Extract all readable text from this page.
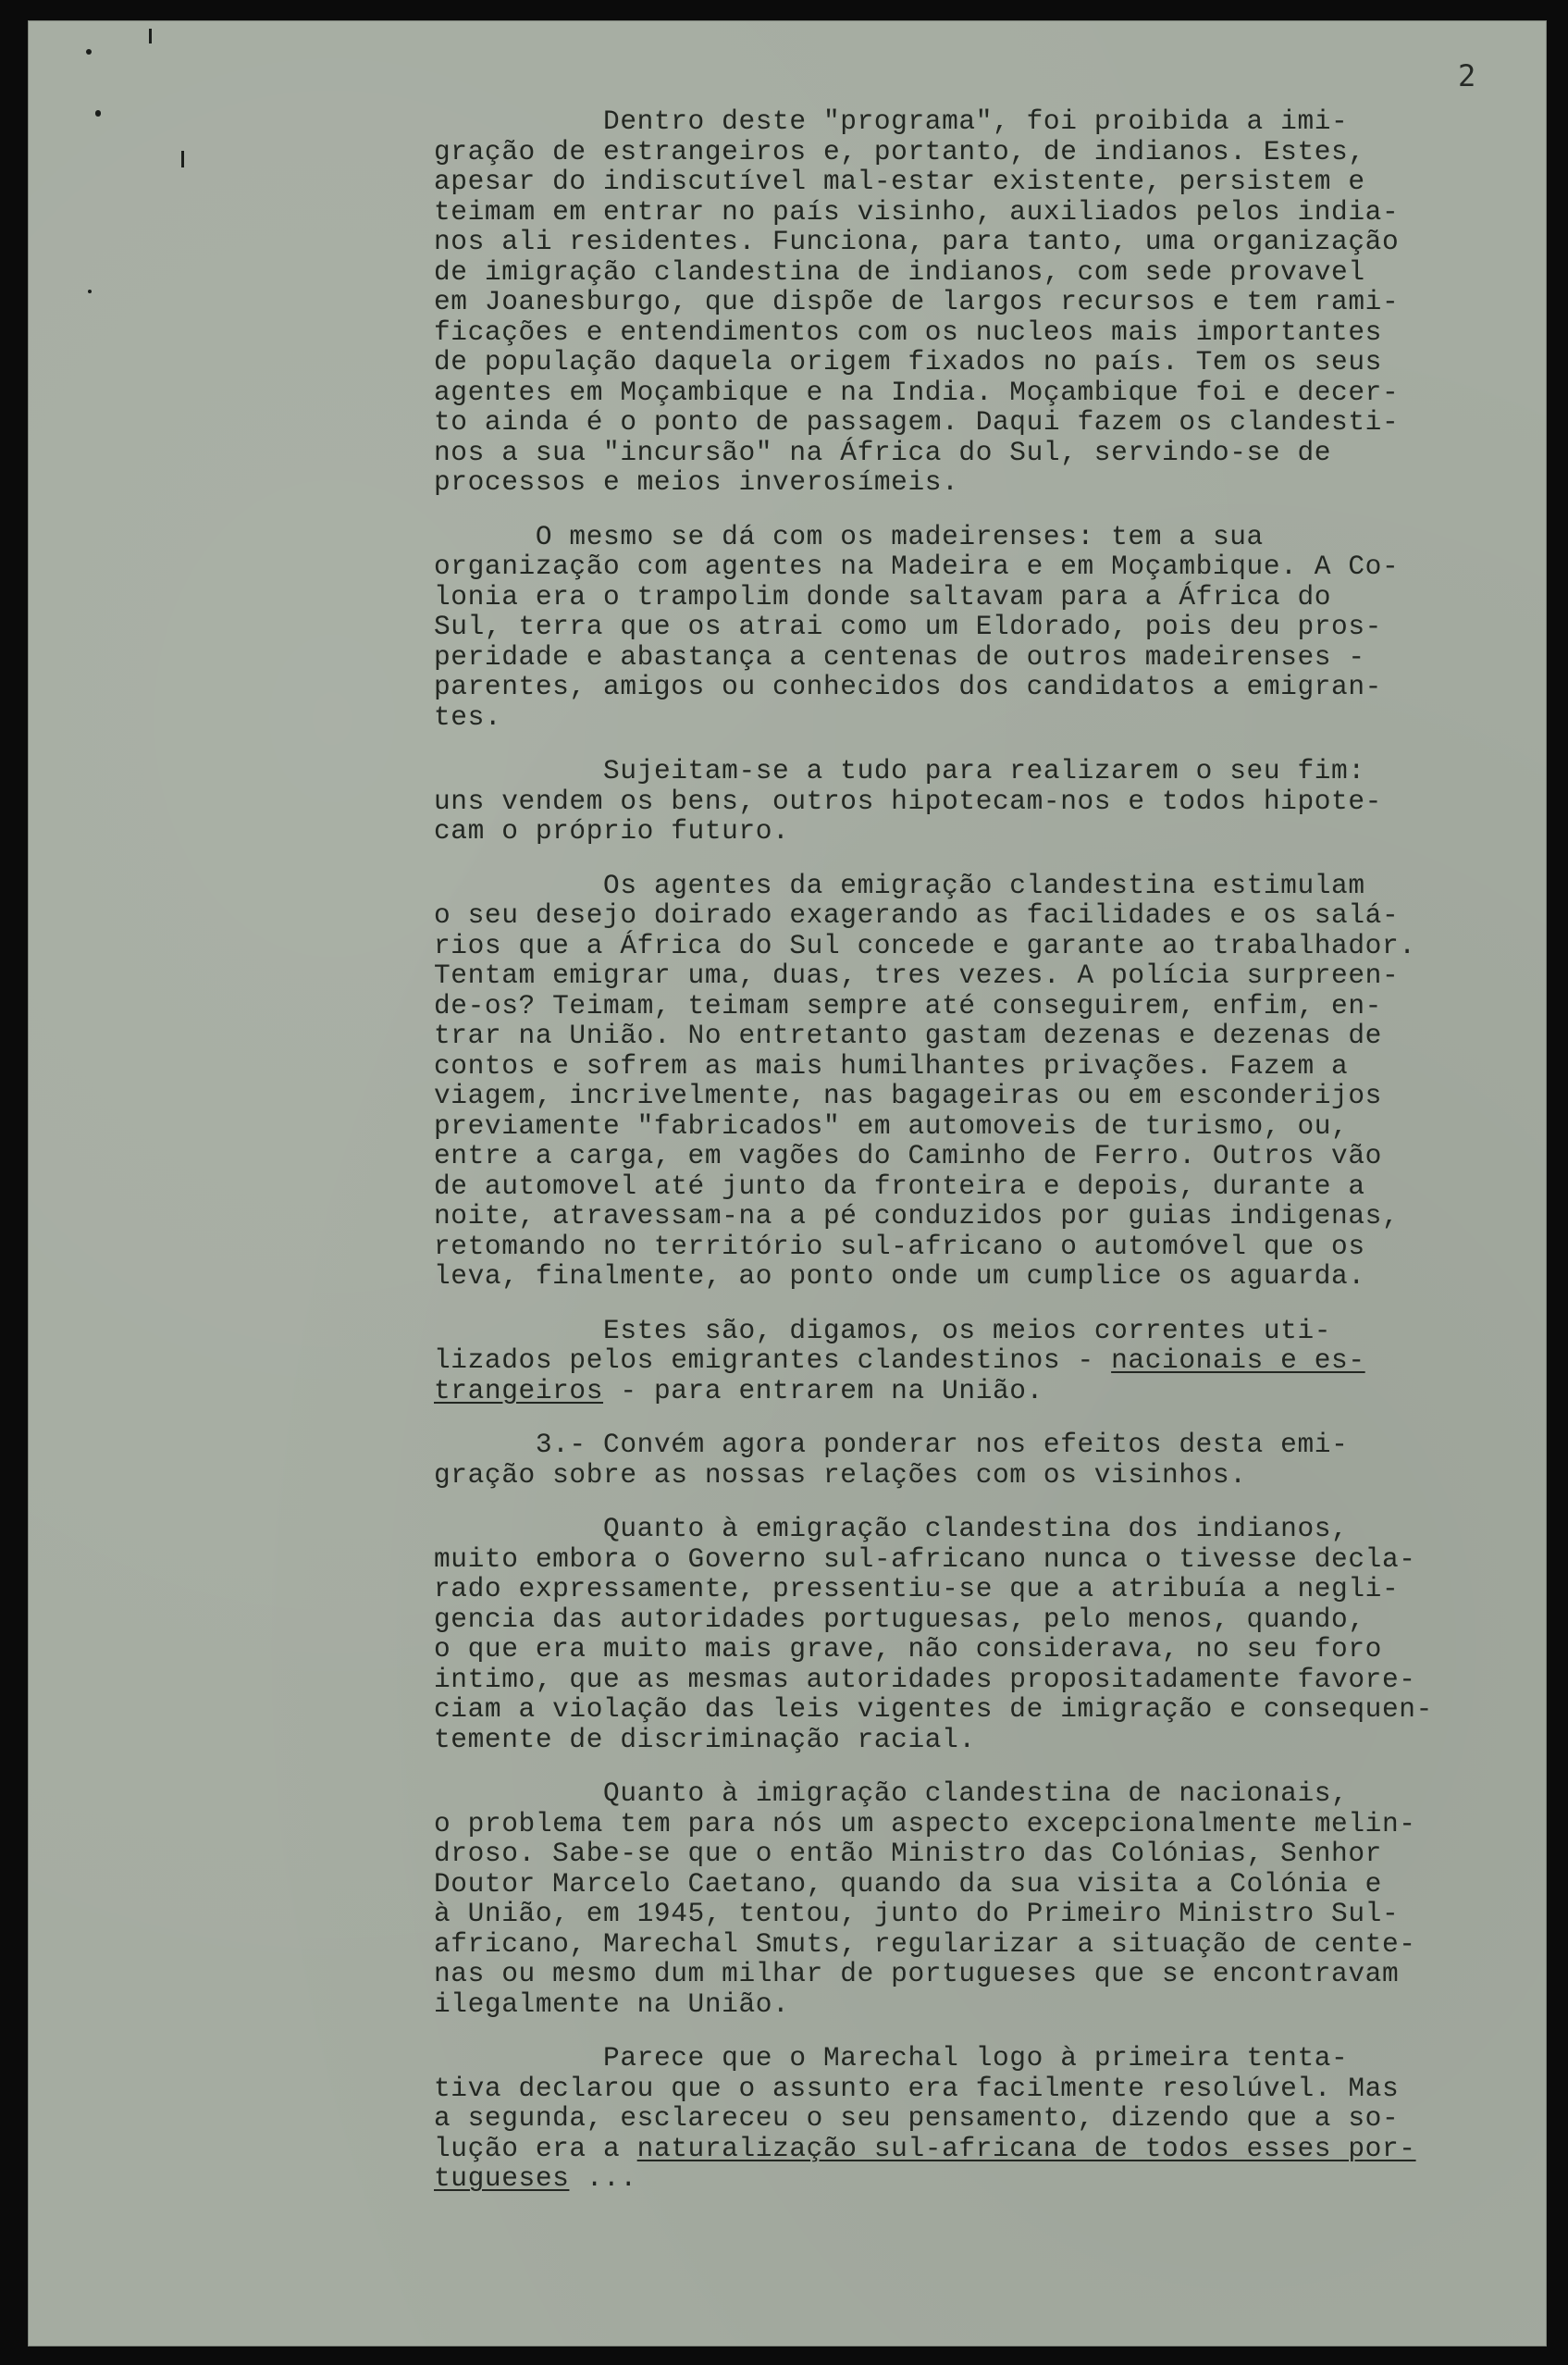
2
Dentro deste "programa", foi proibida a imi-
gração de estrangeiros e, portanto, de indianos. Estes,
apesar do indiscutível mal-estar existente, persistem e
teimam em entrar no país visinho, auxiliados pelos india-
nos ali residentes. Funciona, para tanto, uma organização
de imigração clandestina de indianos, com sede provavel
em Joanesburgo, que dispõe de largos recursos e tem rami-
ficações e entendimentos com os nucleos mais importantes
de população daquela origem fixados no país. Tem os seus
agentes em Moçambique e na India. Moçambique foi e decer-
to ainda é o ponto de passagem. Daqui fazem os clandesti-
nos a sua "incursão" na África do Sul, servindo-se de
processos e meios inverosímeis.
O mesmo se dá com os madeirenses: tem a sua
organização com agentes na Madeira e em Moçambique. A Co-
lonia era o trampolim donde saltavam para a África do
Sul, terra que os atrai como um Eldorado, pois deu pros-
peridade e abastança a centenas de outros madeirenses -
parentes, amigos ou conhecidos dos candidatos a emigran-
tes.
Sujeitam-se a tudo para realizarem o seu fim:
uns vendem os bens, outros hipotecam-nos e todos hipote-
cam o próprio futuro.
Os agentes da emigração clandestina estimulam
o seu desejo doirado exagerando as facilidades e os salá-
rios que a África do Sul concede e garante ao trabalhador.
Tentam emigrar uma, duas, tres vezes. A polícia surpreen-
de-os? Teimam, teimam sempre até conseguirem, enfim, en-
trar na União. No entretanto gastam dezenas e dezenas de
contos e sofrem as mais humilhantes privações. Fazem a
viagem, incrivelmente, nas bagageiras ou em esconderijos
previamente "fabricados" em automoveis de turismo, ou,
entre a carga, em vagões do Caminho de Ferro. Outros vão
de automovel até junto da fronteira e depois, durante a
noite, atravessam-na a pé conduzidos por guias indigenas,
retomando no território sul-africano o automóvel que os
leva, finalmente, ao ponto onde um cumplice os aguarda.
Estes são, digamos, os meios correntes uti-
lizados pelos emigrantes clandestinos - nacionais e es-
trangeiros - para entrarem na União.
3.- Convém agora ponderar nos efeitos desta emi-
gração sobre as nossas relações com os visinhos.
Quanto à emigração clandestina dos indianos,
muito embora o Governo sul-africano nunca o tivesse decla-
rado expressamente, pressentiu-se que a atribuía a negli-
gencia das autoridades portuguesas, pelo menos, quando,
o que era muito mais grave, não considerava, no seu foro
intimo, que as mesmas autoridades propositadamente favore-
ciam a violação das leis vigentes de imigração e consequen-
temente de discriminação racial.
Quanto à imigração clandestina de nacionais,
o problema tem para nós um aspecto excepcionalmente melin-
droso. Sabe-se que o então Ministro das Colónias, Senhor
Doutor Marcelo Caetano, quando da sua visita a Colónia e
à União, em 1945, tentou, junto do Primeiro Ministro Sul-
africano, Marechal Smuts, regularizar a situação de cente-
nas ou mesmo dum milhar de portugueses que se encontravam
ilegalmente na União.
Parece que o Marechal logo à primeira tenta-
tiva declarou que o assunto era facilmente resolúvel. Mas
a segunda, esclareceu o seu pensamento, dizendo que a so-
lução era a naturalização sul-africana de todos esses por-
tugueses ...
